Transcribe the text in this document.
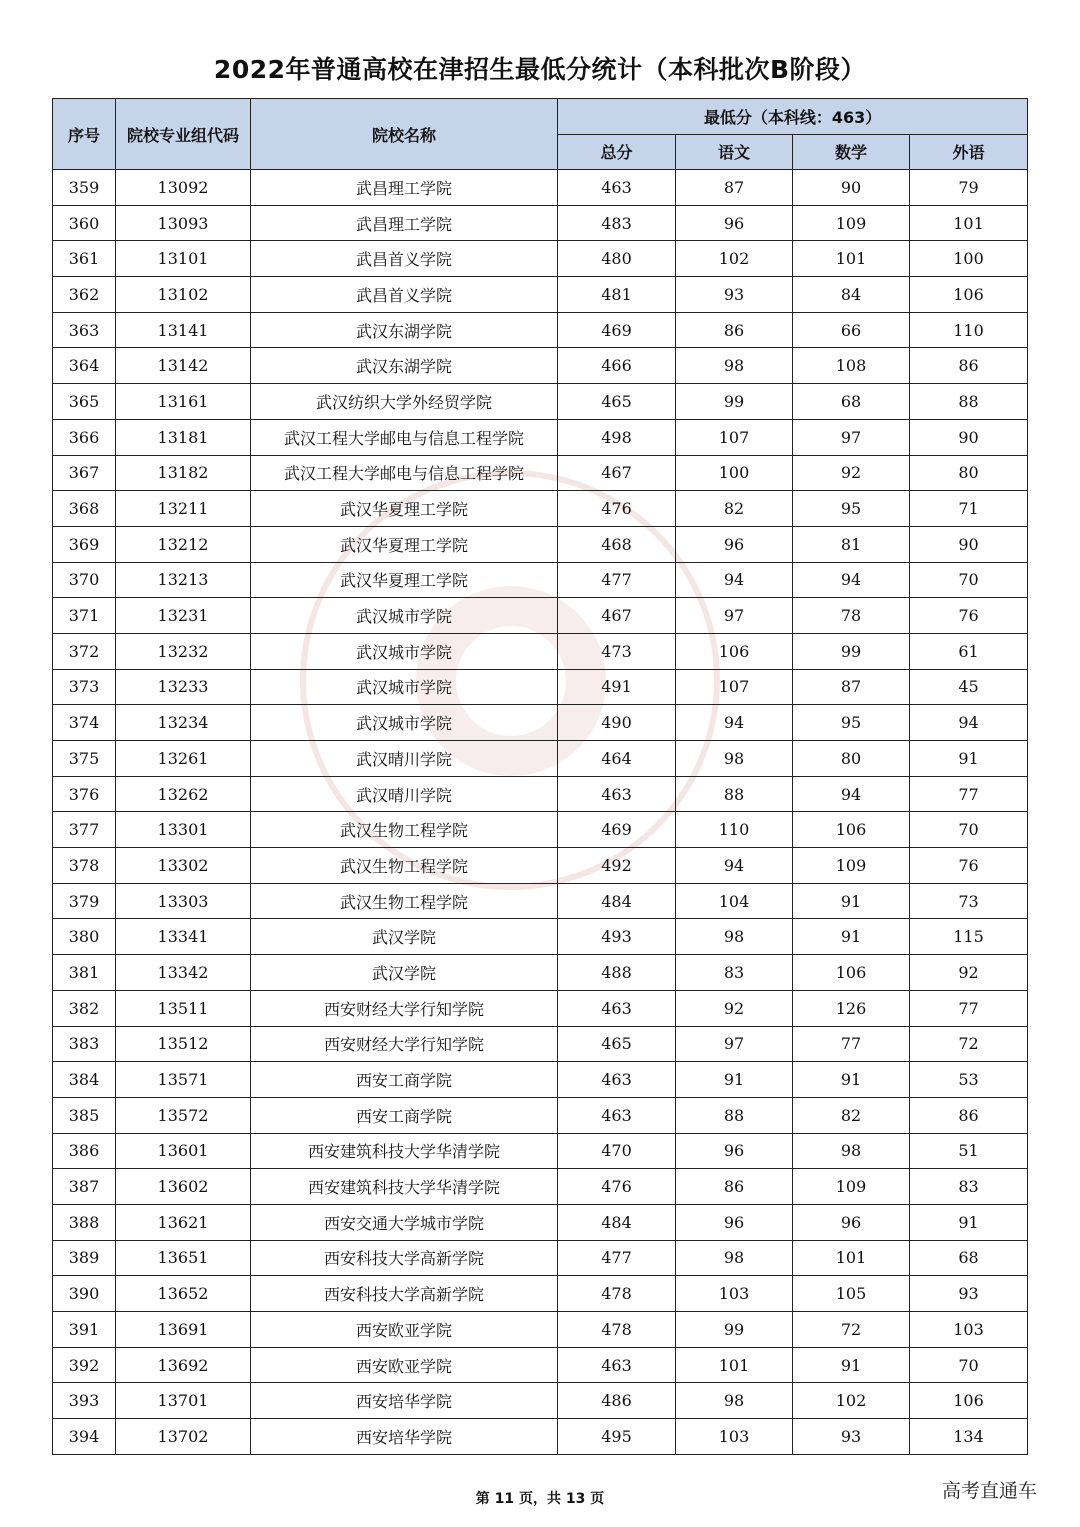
2022年普通高校在津招生最低分统计（本科批次B阶段）
序号	院校专业组代码	院校名称	最低分（本科线：463）			
			总分	语文	数学	外语
359	13092	武昌理工学院	463	87	90	79
360	13093	武昌理工学院	483	96	109	101
361	13101	武昌首义学院	480	102	101	100
362	13102	武昌首义学院	481	93	84	106
363	13141	武汉东湖学院	469	86	66	110
364	13142	武汉东湖学院	466	98	108	86
365	13161	武汉纺织大学外经贸学院	465	99	68	88
366	13181	武汉工程大学邮电与信息工程学院	498	107	97	90
367	13182	武汉工程大学邮电与信息工程学院	467	100	92	80
368	13211	武汉华夏理工学院	476	82	95	71
369	13212	武汉华夏理工学院	468	96	81	90
370	13213	武汉华夏理工学院	477	94	94	70
371	13231	武汉城市学院	467	97	78	76
372	13232	武汉城市学院	473	106	99	61
373	13233	武汉城市学院	491	107	87	45
374	13234	武汉城市学院	490	94	95	94
375	13261	武汉晴川学院	464	98	80	91
376	13262	武汉晴川学院	463	88	94	77
377	13301	武汉生物工程学院	469	110	106	70
378	13302	武汉生物工程学院	492	94	109	76
379	13303	武汉生物工程学院	484	104	91	73
380	13341	武汉学院	493	98	91	115
381	13342	武汉学院	488	83	106	92
382	13511	西安财经大学行知学院	463	92	126	77
383	13512	西安财经大学行知学院	465	97	77	72
384	13571	西安工商学院	463	91	91	53
385	13572	西安工商学院	463	88	82	86
386	13601	西安建筑科技大学华清学院	470	96	98	51
387	13602	西安建筑科技大学华清学院	476	86	109	83
388	13621	西安交通大学城市学院	484	96	96	91
389	13651	西安科技大学高新学院	477	98	101	68
390	13652	西安科技大学高新学院	478	103	105	93
391	13691	西安欧亚学院	478	99	72	103
392	13692	西安欧亚学院	463	101	91	70
393	13701	西安培华学院	486	98	102	106
394	13702	西安培华学院	495	103	93	134
第 11 页，共 13 页	高考直通车
